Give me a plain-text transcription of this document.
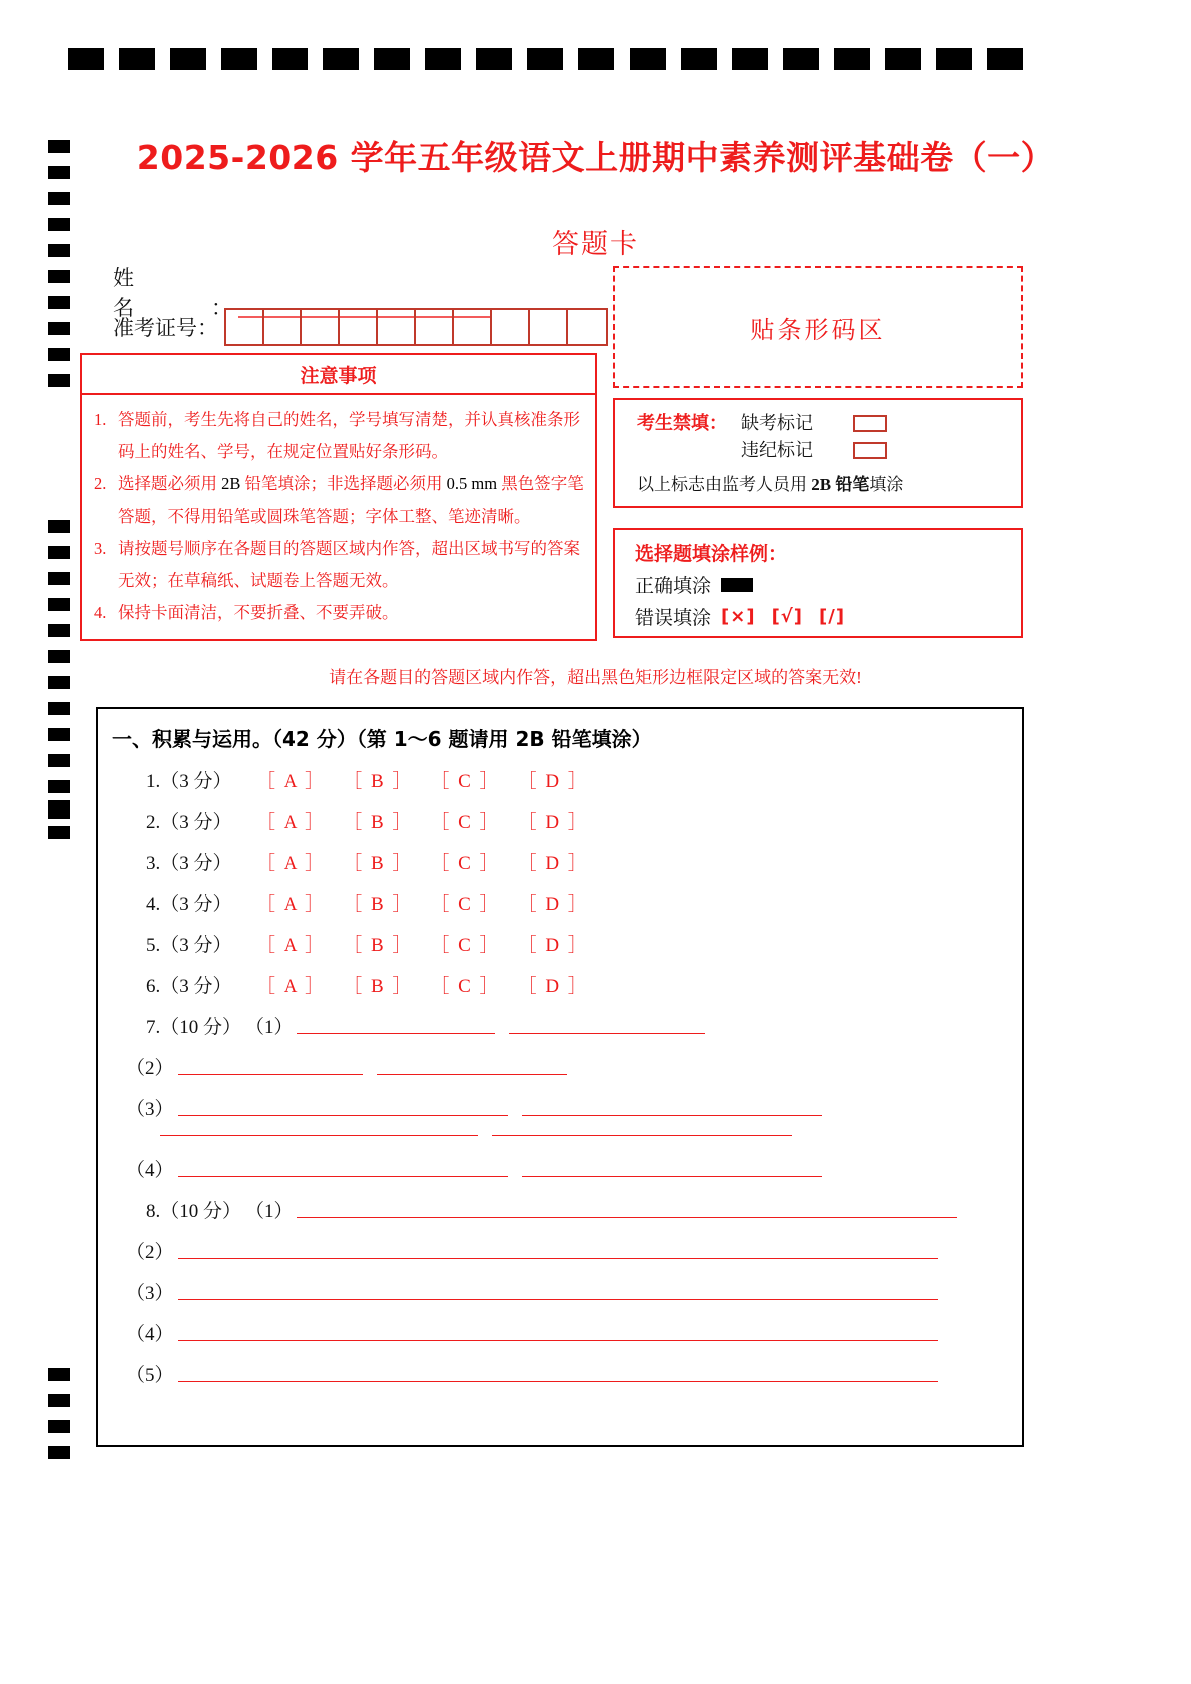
2025-2026 学年五年级语文上册期中素养测评基础卷（一）
答题卡
姓　　名	：
准考证号：
注意事项
1. 答题前，考生先将自己的姓名，学号填写清楚，并认真核准条形
码上的姓名、学号，在规定位置贴好条形码。
2. 选择题必须用 2B 铅笔填涂；非选择题必须用 0.5 mm 黑色签字笔
答题，不得用铅笔或圆珠笔答题；字体工整、笔迹清晰。
3. 请按题号顺序在各题目的答题区域内作答，超出区域书写的答案
无效；在草稿纸、试题卷上答题无效。
4. 保持卡面清洁，不要折叠、不要弄破。
贴条形码区
考生禁填： 缺考标记
违纪标记
以上标志由监考人员用 2B 铅笔填涂
选择题填涂样例：
正确填涂
错误填涂 [×] [√] [/]
请在各题目的答题区域内作答，超出黑色矩形边框限定区域的答案无效!
一、积累与运用。（42 分）（第 1～6 题请用 2B 铅笔填涂）
1.（3 分）	［ A ］ ［ B ］ ［ C ］ ［ D ］
2.（3 分）	［ A ］ ［ B ］ ［ C ］ ［ D ］
3.（3 分）	［ A ］ ［ B ］ ［ C ］ ［ D ］
4.（3 分）	［ A ］ ［ B ］ ［ C ］ ［ D ］
5.（3 分）	［ A ］ ［ B ］ ［ C ］ ［ D ］
6.（3 分）	［ A ］ ［ B ］ ［ C ］ ［ D ］
7.（10 分） （1）
（2）
（3）
（4）
8.（10 分） （1）
（2）
（3）
（4）
（5）
